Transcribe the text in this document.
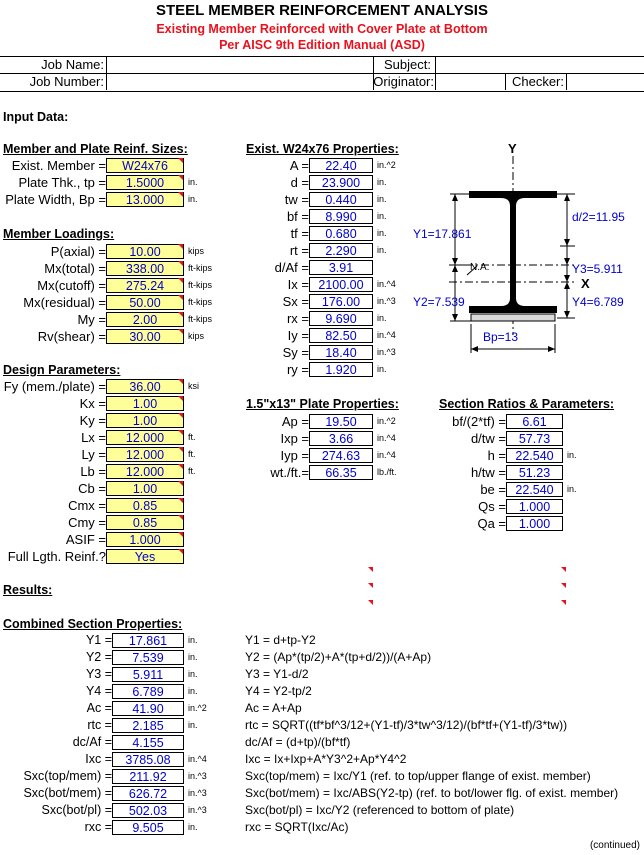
STEEL MEMBER REINFORCEMENT ANALYSIS
Existing Member Reinforced with Cover Plate at Bottom
Per AISC 9th Edition Manual (ASD)
Job Name:	Subject:
Job Number:	Originator:	Checker:
Input Data:
Member and Plate Reinf. Sizes:
Exist. Member =	W24x76
Plate Thk., tp =	1.5000	in.
Plate Width, Bp =	13.000	in.
Member Loadings:
P(axial) =	10.00	kips
Mx(total) =	338.00	ft-kips
Mx(cutoff) =	275.24	ft-kips
Mx(residual) =	50.00	ft-kips
My =	2.00	ft-kips
Rv(shear) =	30.00	kips
Design Parameters:
Fy (mem./plate) =	36.00	ksi
Kx =	1.00
Ky =	1.00
Lx =	12.000	ft.
Ly =	12.000	ft.
Lb =	12.000	ft.
Cb =	1.00
Cmx =	0.85
Cmy =	0.85
ASIF =	1.000
Full Lgth. Reinf.?	Yes
Exist. W24x76 Properties:
A =	22.40	in.^2
d =	23.900	in.
tw =	0.440	in.
bf =	8.990	in.
tf =	0.680	in.
rt =	2.290	in.
d/Af =	3.91
Ix = 2100.00	in.^4
Sx =	176.00	in.^3
rx =	9.690	in.
Iy =	82.50	in.^4
Sy =	18.40	in.^3
ry =	1.920	in.
1.5"x13" Plate Properties:
Ap =	19.50	in.^2
Ixp =	3.66	in.^4
Iyp =	274.63	in.^4
wt./ft.=	66.35	lb./ft.
Section Ratios & Parameters:
bf/(2*tf) =	6.61
d/tw =	57.73
h = 22.540	in.
h/tw =	51.23
be = 22.540	in.
Qs =	1.000
Qa =	1.000
Y
X
d/2=11.95
Y1=17.861
N.A.	Y3=5.911
Y2=7.539	Y4=6.789
Bp=13
Results:
Combined Section Properties:
Y1 =	17.861	in.	Y1 = d+tp-Y2
Y2 =	7.539	in.	Y2 = (Ap*(tp/2)+A*(tp+d/2))/(A+Ap)
Y3 =	5.911	in.	Y3 = Y1-d/2
Y4 =	6.789	in.	Y4 = Y2-tp/2
Ac =	41.90	in.^2	Ac = A+Ap
rtc =	2.185	in.	rtc = SQRT((tf*bf^3/12+(Y1-tf)/3*tw^3/12)/(bf*tf+(Y1-tf)/3*tw))
dc/Af =	4.155	dc/Af = (d+tp)/(bf*tf)
Ixc =	3785.08	in.^4	Ixc = Ix+Ixp+A*Y3^2+Ap*Y4^2
Sxc(top/mem) =	211.92	in.^3	Sxc(top/mem) = Ixc/Y1 (ref. to top/upper flange of exist. member)
Sxc(bot/mem) =	626.72	in.^3	Sxc(bot/mem) = Ixc/ABS(Y2-tp) (ref. to bot/lower flg. of exist. member)
Sxc(bot/pl) =	502.03	in.^3	Sxc(bot/pl) = Ixc/Y2 (referenced to bottom of plate)
rxc =	9.505	in.	rxc = SQRT(Ixc/Ac)
(continued)
